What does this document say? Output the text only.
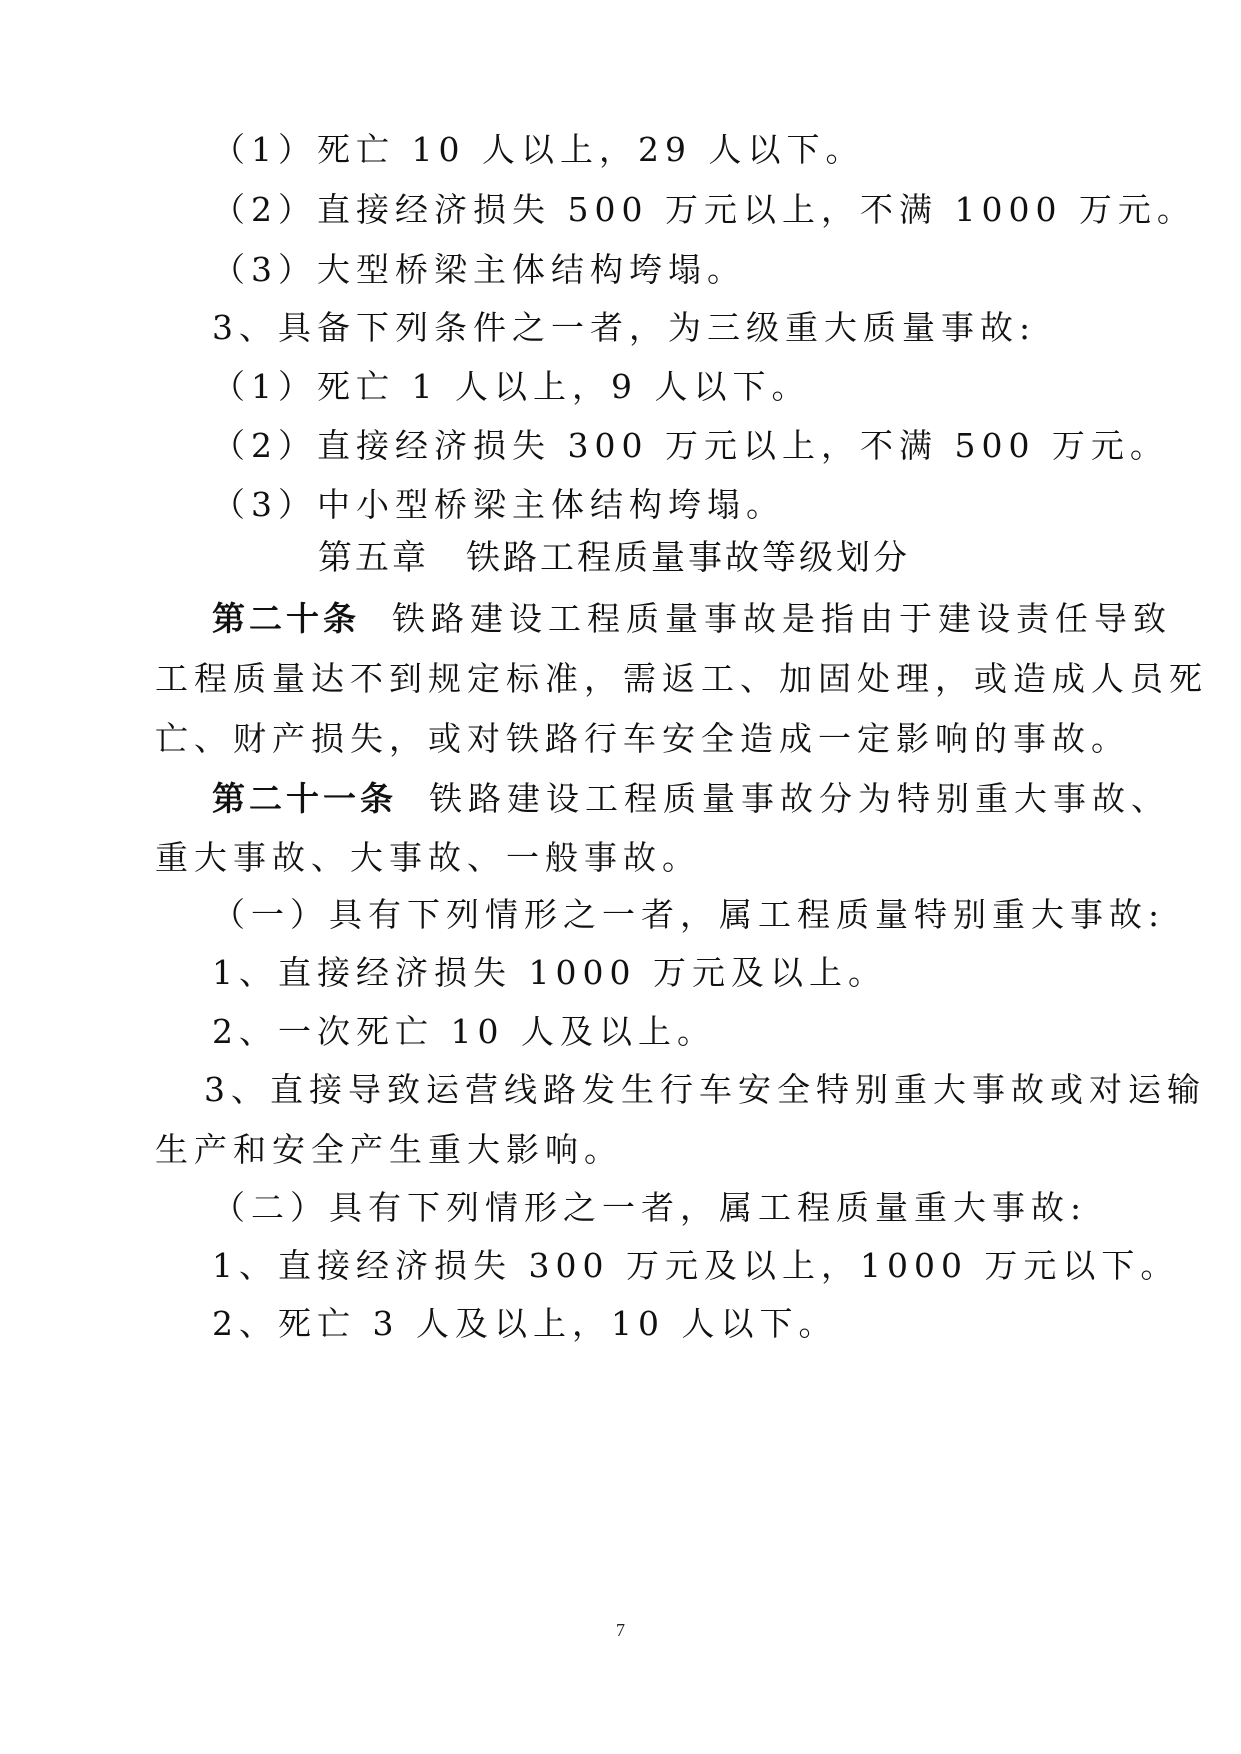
（1）死亡 10 人以上，29 人以下。
（2）直接经济损失 500 万元以上，不满 1000 万元。
（3）大型桥梁主体结构垮塌。
3、具备下列条件之一者，为三级重大质量事故:
（1）死亡 1 人以上，9 人以下。
（2）直接经济损失 300 万元以上，不满 500 万元。
（3）中小型桥梁主体结构垮塌。
第五章　铁路工程质量事故等级划分
第二十条 铁路建设工程质量事故是指由于建设责任导致
工程质量达不到规定标准，需返工、加固处理，或造成人员死
亡、财产损失，或对铁路行车安全造成一定影响的事故。
第二十一条 铁路建设工程质量事故分为特别重大事故、
重大事故、大事故、一般事故。
（一）具有下列情形之一者，属工程质量特别重大事故:
1、直接经济损失 1000 万元及以上。
2、一次死亡 10 人及以上。
3、直接导致运营线路发生行车安全特别重大事故或对运输
生产和安全产生重大影响。
（二）具有下列情形之一者，属工程质量重大事故:
1、直接经济损失 300 万元及以上，1000 万元以下。
2、死亡 3 人及以上，10 人以下。
7
